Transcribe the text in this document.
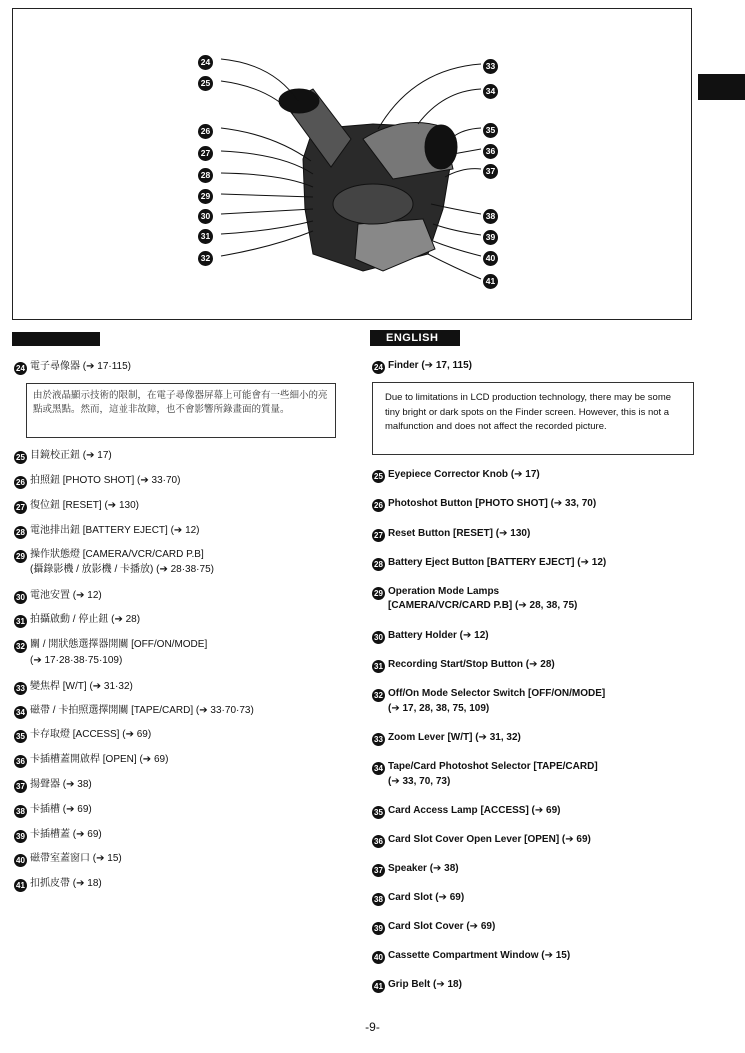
24
25
26
27
28
29
30
31
32
33
34
35
36
37
38
39
40
41
ENGLISH
24 電子尋像器 (➔ 17·115)
由於液晶顯示技術的限制，在電子尋像器屏幕上可能會有一些細小的亮點或黑點。然而，這並非故障，也不會影響所錄畫面的質量。
25 目鏡校正鈕 (➔ 17)
26 拍照鈕 [PHOTO SHOT] (➔ 33·70)
27 復位鈕 [RESET] (➔ 130)
28 電池排出鈕 [BATTERY EJECT] (➔ 12)
29 操作狀態燈 [CAMERA/VCR/CARD P.B]
(攝錄影機 / 放影機 / 卡播放) (➔ 28·38·75)
30 電池安置 (➔ 12)
31 拍攝啟動 / 停止鈕 (➔ 28)
32 關 / 開狀態選擇器開關 [OFF/ON/MODE]
(➔ 17·28·38·75·109)
33 變焦桿 [W/T] (➔ 31·32)
34 磁帶 / 卡拍照選擇開關 [TAPE/CARD] (➔ 33·70·73)
35 卡存取燈 [ACCESS] (➔ 69)
36 卡插槽蓋開啟桿 [OPEN] (➔ 69)
37 揚聲器 (➔ 38)
38 卡插槽 (➔ 69)
39 卡插槽蓋 (➔ 69)
40 磁帶室蓋窗口 (➔ 15)
41 扣抓皮帶 (➔ 18)
24 Finder (➔ 17, 115)
Due to limitations in LCD production technology, there may be some tiny bright or dark spots on the Finder screen. However, this is not a malfunction and does not affect the recorded picture.
25 Eyepiece Corrector Knob (➔ 17)
26 Photoshot Button [PHOTO SHOT] (➔ 33, 70)
27 Reset Button [RESET] (➔ 130)
28 Battery Eject Button [BATTERY EJECT] (➔ 12)
29 Operation Mode Lamps
[CAMERA/VCR/CARD P.B] (➔ 28, 38, 75)
30 Battery Holder (➔ 12)
31 Recording Start/Stop Button (➔ 28)
32 Off/On Mode Selector Switch [OFF/ON/MODE]
(➔ 17, 28, 38, 75, 109)
33 Zoom Lever [W/T] (➔ 31, 32)
34 Tape/Card Photoshot Selector [TAPE/CARD]
(➔ 33, 70, 73)
35 Card Access Lamp [ACCESS] (➔ 69)
36 Card Slot Cover Open Lever [OPEN] (➔ 69)
37 Speaker (➔ 38)
38 Card Slot (➔ 69)
39 Card Slot Cover (➔ 69)
40 Cassette Compartment Window (➔ 15)
41 Grip Belt (➔ 18)
-9-
